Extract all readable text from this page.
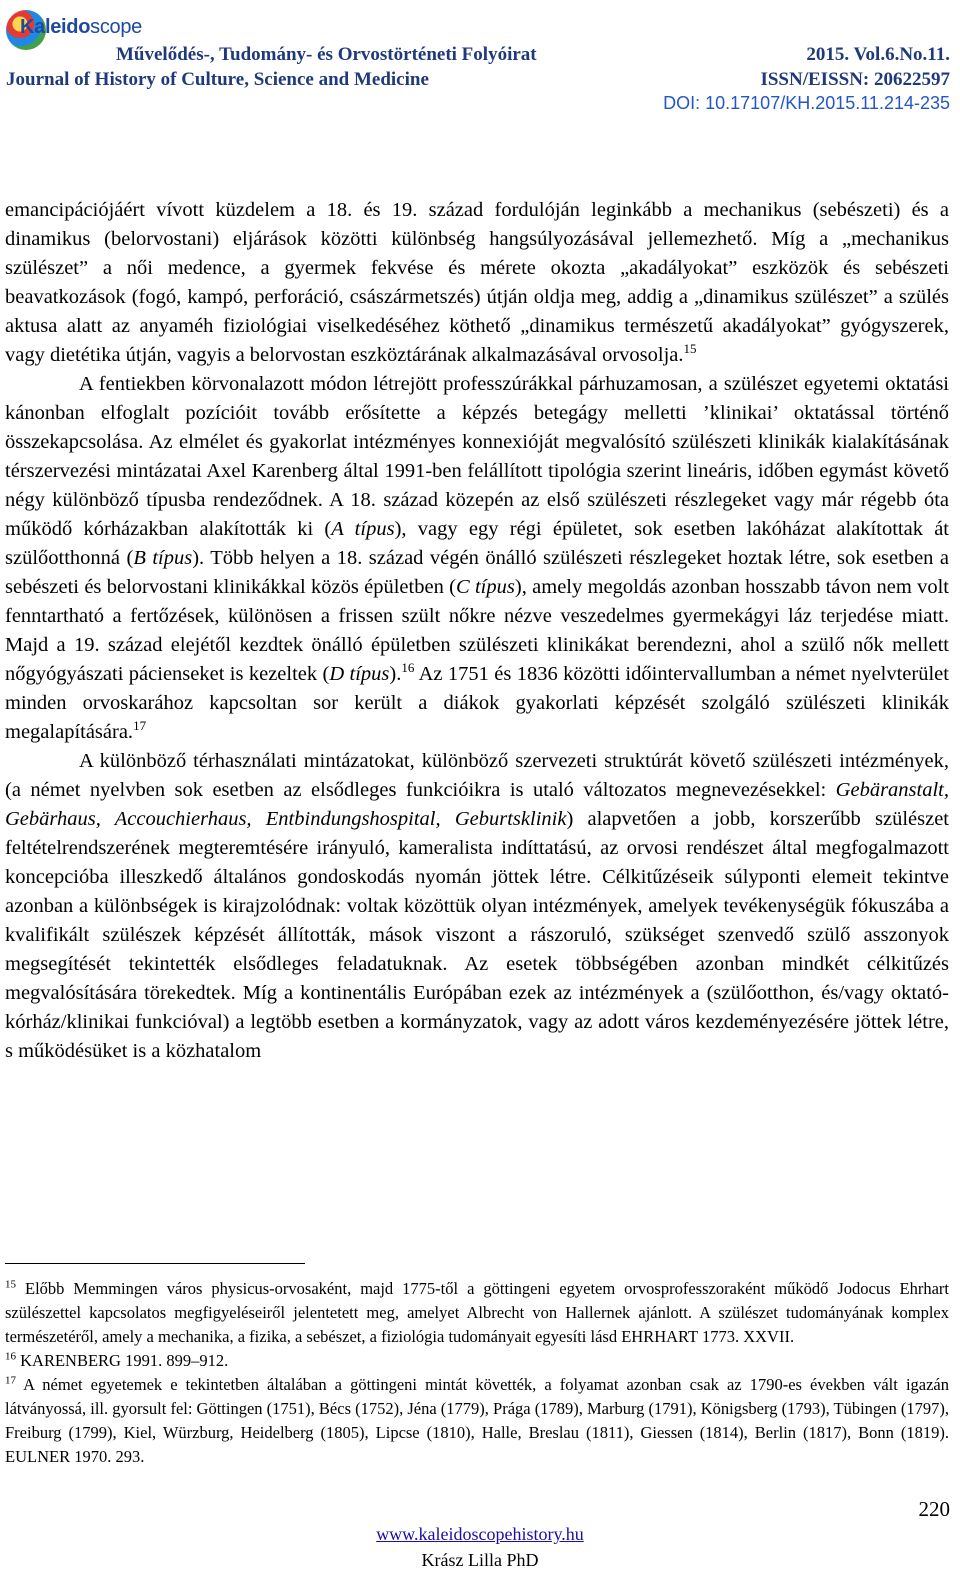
Kaleidoscope
Művelődés-, Tudomány- és Orvostörténeti Folyóirat
Journal of History of Culture, Science and Medicine
2015. Vol.6.No.11.
ISSN/EISSN: 20622597
DOI: 10.17107/KH.2015.11.214-235

emancipációjáért vívott küzdelem a 18. és 19. század fordulóján leginkább a mechanikus (sebészeti) és a dinamikus (belorvostani) eljárások közötti különbség hangsúlyozásával jellemezhető. Míg a „mechanikus szülészet” a női medence, a gyermek fekvése és mérete okozta „akadályokat” eszközök és sebészeti beavatkozások (fogó, kampó, perforáció, császármetszés) útján oldja meg, addig a „dinamikus szülészet” a szülés aktusa alatt az anyaméh fiziológiai viselkedéséhez köthető „dinamikus természetű akadályokat” gyógyszerek, vagy dietétika útján, vagyis a belorvostan eszköztárának alkalmazásával orvosolja.$^{15}$

A fentiekben körvonalazott módon létrejött professzúrákkal párhuzamosan, a szülészet egyetemi oktatási kánonban elfoglalt pozícióit tovább erősítette a képzés betegágy melletti ’klinikai’ oktatással történő összekapcsolása. Az elmélet és gyakorlat intézményes konnexióját megvalósító szülészeti klinikák kialakításának térszervezési mintázatai Axel Karenberg által 1991-ben felállított tipológia szerint lineáris, időben egymást követő négy különböző típusba rendeződnek. A 18. század közepén az első szülészeti részlegeket vagy már régebb óta működő kórházakban alakították ki (A típus), vagy egy régi épületet, sok esetben lakóházat alakítottak át szülőotthonná (B típus). Több helyen a 18. század végén önálló szülészeti részlegeket hoztak létre, sok esetben a sebészeti és belorvostani klinikákkal közös épületben (C típus), amely megoldás azonban hosszabb távon nem volt fenntartható a fertőzések, különösen a frissen szült nőkre nézve veszedelmes gyermekágyi láz terjedése miatt. Majd a 19. század elejétől kezdtek önálló épületben szülészeti klinikákat berendezni, ahol a szülő nők mellett nőgyógyászati pácienseket is kezeltek (D típus).$^{16}$ Az 1751 és 1836 közötti időintervallumban a német nyelvterület minden orvoskarához kapcsoltan sor került a diákok gyakorlati képzését szolgáló szülészeti klinikák megalapítására.$^{17}$

A különböző térhasználati mintázatokat, különböző szervezeti struktúrát követő szülészeti intézmények, (a német nyelvben sok esetben az elsődleges funkcióikra is utaló változatos megnevezésekkel: Gebäranstalt, Gebärhaus, Accouchierhaus, Entbindungshospital, Geburtsklinik) alapvetően a jobb, korszerűbb szülészet feltételrendszerének megteremtésére irányuló, kameralista indíttatású, az orvosi rendészet által megfogalmazott koncepcióba illeszkedő általános gondoskodás nyomán jöttek létre. Célkitűzéseik súlyponti elemeit tekintve azonban a különbségek is kirajzolódnak: voltak közöttük olyan intézmények, amelyek tevékenységük fókuszába a kvalifikált szülészek képzését állították, mások viszont a rászoruló, szükséget szenvedő szülő asszonyok megsegítését tekintették elsődleges feladatuknak. Az esetek többségében azonban mindkét célkitűzés megvalósítására törekedtek. Míg a kontinentális Európában ezek az intézmények a (szülőotthon, és/vagy oktató-kórház/klinikai funkcióval) a legtöbb esetben a kormányzatok, vagy az adott város kezdeményezésére jöttek létre, s működésüket is a közhatalom

$^{15}$ Előbb Memmingen város physicus-orvosaként, majd 1775-től a göttingeni egyetem orvosprofesszoraként működő Jodocus Ehrhart szülészettel kapcsolatos megfigyeléseiről jelentetett meg, amelyet Albrecht von Hallernek ajánlott. A szülészet tudományának komplex természetéről, amely a mechanika, a fizika, a sebészet, a fiziológia tudományait egyesíti lásd EHRHART 1773. XXVII.

$^{16}$ KARENBERG 1991. 899–912.

$^{17}$ A német egyetemek e tekintetben általában a göttingeni mintát követték, a folyamat azonban csak az 1790-es években vált igazán látványossá, ill. gyorsult fel: Göttingen (1751), Bécs (1752), Jéna (1779), Prága (1789), Marburg (1791), Königsberg (1793), Tübingen (1797), Freiburg (1799), Kiel, Würzburg, Heidelberg (1805), Lipcse (1810), Halle, Breslau (1811), Giessen (1814), Berlin (1817), Bonn (1819). EULNER 1970. 293.

220
www.kaleidoscopehistory.hu
Krász Lilla PhD
